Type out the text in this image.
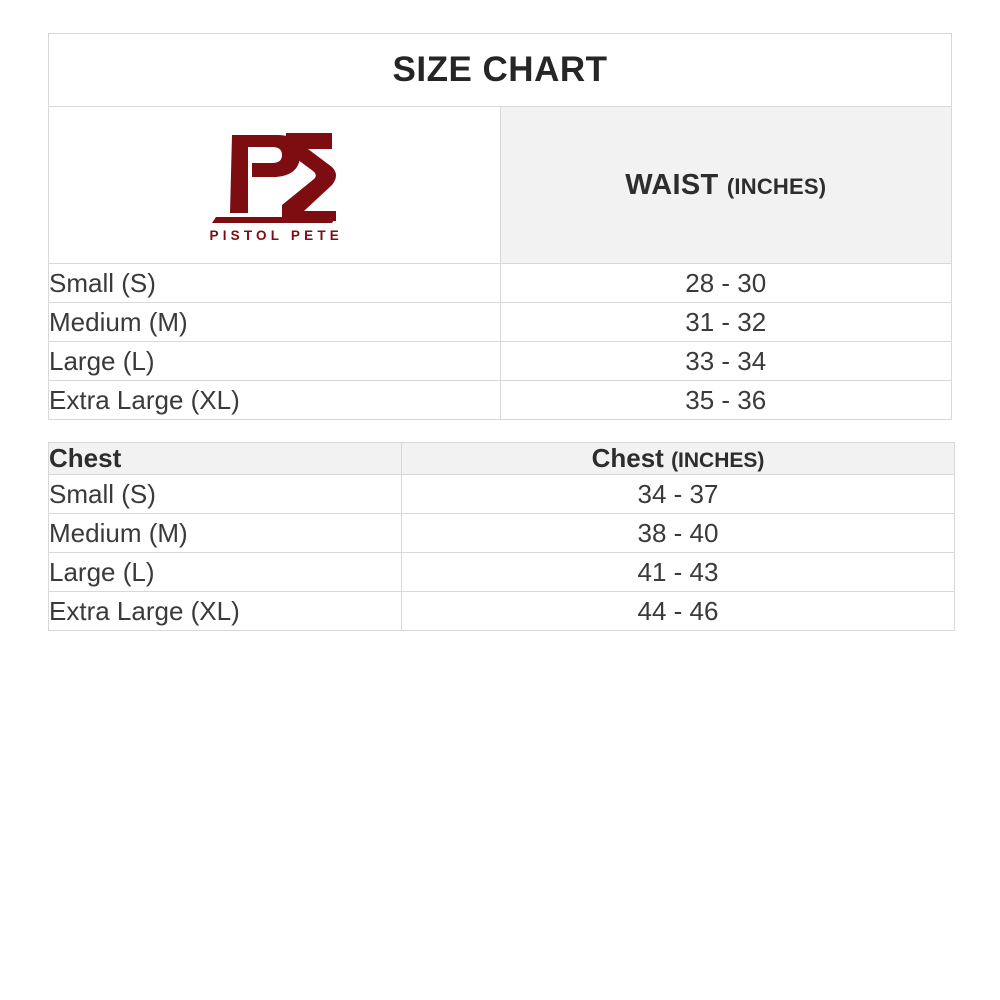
SIZE CHART	

PISTOL PETE	WAIST (INCHES)
Small (S)	28 - 30
Medium (M)	31 - 32
Large (L)	33 - 34
Extra Large (XL)	35 - 36
Chest	Chest (INCHES)
Small (S)	34 - 37
Medium (M)	38 - 40
Large (L)	41 - 43
Extra Large (XL)	44 - 46
